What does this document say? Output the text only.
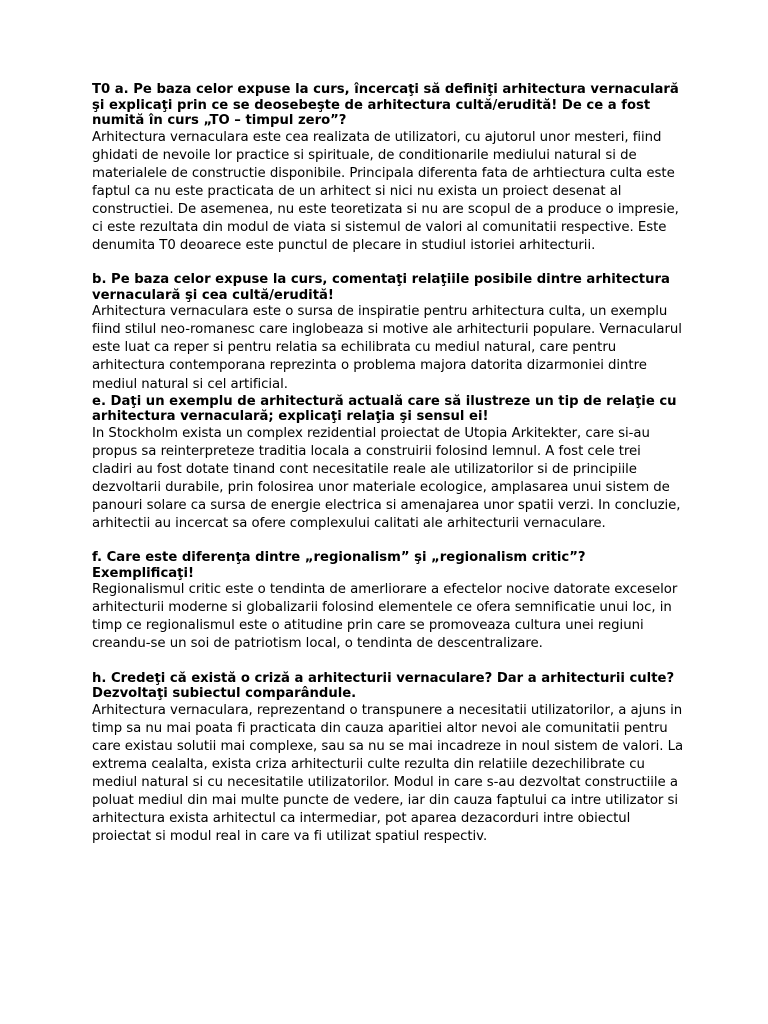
T0 a. Pe baza celor expuse la curs, încercaţi să definiţi arhitectura vernaculară şi explicaţi prin ce se deosebeşte de arhitectura cultă/erudită! De ce a fost numită în curs „TO – timpul zero”?

Arhitectura vernaculara este cea realizata de utilizatori, cu ajutorul unor mesteri, fiind ghidati de nevoile lor practice si spirituale, de conditionarile mediului natural si de materialele de constructie disponibile. Principala diferenta fata de arhtiectura culta este faptul ca nu este practicata de un arhitect si nici nu exista un proiect desenat al constructiei. De asemenea, nu este teoretizata si nu are scopul de a produce o impresie, ci este rezultata din modul de viata si sistemul de valori al comunitatii respective. Este denumita T0 deoarece este punctul de plecare in studiul istoriei arhitecturii.

b. Pe baza celor expuse la curs, comentaţi relaţiile posibile dintre arhitectura vernaculară şi cea cultă/erudită!

Arhitectura vernaculara este o sursa de inspiratie pentru arhitectura culta, un exemplu fiind stilul neo-romanesc care inglobeaza si motive ale arhitecturii populare. Vernacularul este luat ca reper si pentru relatia sa echilibrata cu mediul natural, care pentru arhitectura contemporana reprezinta o problema majora datorita dizarmoniei dintre mediul natural si cel artificial.

e. Daţi un exemplu de arhitectură actuală care să ilustreze un tip de relaţie cu arhitectura vernaculară; explicaţi relaţia şi sensul ei!

In Stockholm exista un complex rezidential proiectat de Utopia Arkitekter, care si-au propus sa reinterpreteze traditia locala a construirii folosind lemnul. A fost cele trei cladiri au fost dotate tinand cont necesitatile reale ale utilizatorilor si de principiile dezvoltarii durabile, prin folosirea unor materiale ecologice, amplasarea unui sistem de panouri solare ca sursa de energie electrica si amenajarea unor spatii verzi. In concluzie, arhitectii au incercat sa ofere complexului calitati ale arhitecturii vernaculare.

f. Care este diferenţa dintre „regionalism” şi „regionalism critic”? Exemplificaţi!

Regionalismul critic este o tendinta de amerliorare a efectelor nocive datorate exceselor arhitecturii moderne si globalizarii folosind elementele ce ofera semnificatie unui loc, in timp ce regionalismul este o atitudine prin care se promoveaza cultura unei regiuni creandu-se un soi de patriotism local, o tendinta de descentralizare.

h. Credeţi că există o criză a arhitecturii vernaculare? Dar a arhitecturii culte? Dezvoltaţi subiectul comparândule.

Arhitectura vernaculara, reprezentand o transpunere a necesitatii utilizatorilor, a ajuns in timp sa nu mai poata fi practicata din cauza aparitiei altor nevoi ale comunitatii pentru care existau solutii mai complexe, sau sa nu se mai incadreze in noul sistem de valori. La extrema cealalta, exista criza arhitecturii culte rezulta din relatiile dezechilibrate cu mediul natural si cu necesitatile utilizatorilor. Modul in care s-au dezvoltat constructiile a poluat mediul din mai multe puncte de vedere, iar din cauza faptului ca intre utilizator si arhitectura exista arhitectul ca intermediar, pot aparea dezacorduri intre obiectul proiectat si modul real in care va fi utilizat spatiul respectiv.
